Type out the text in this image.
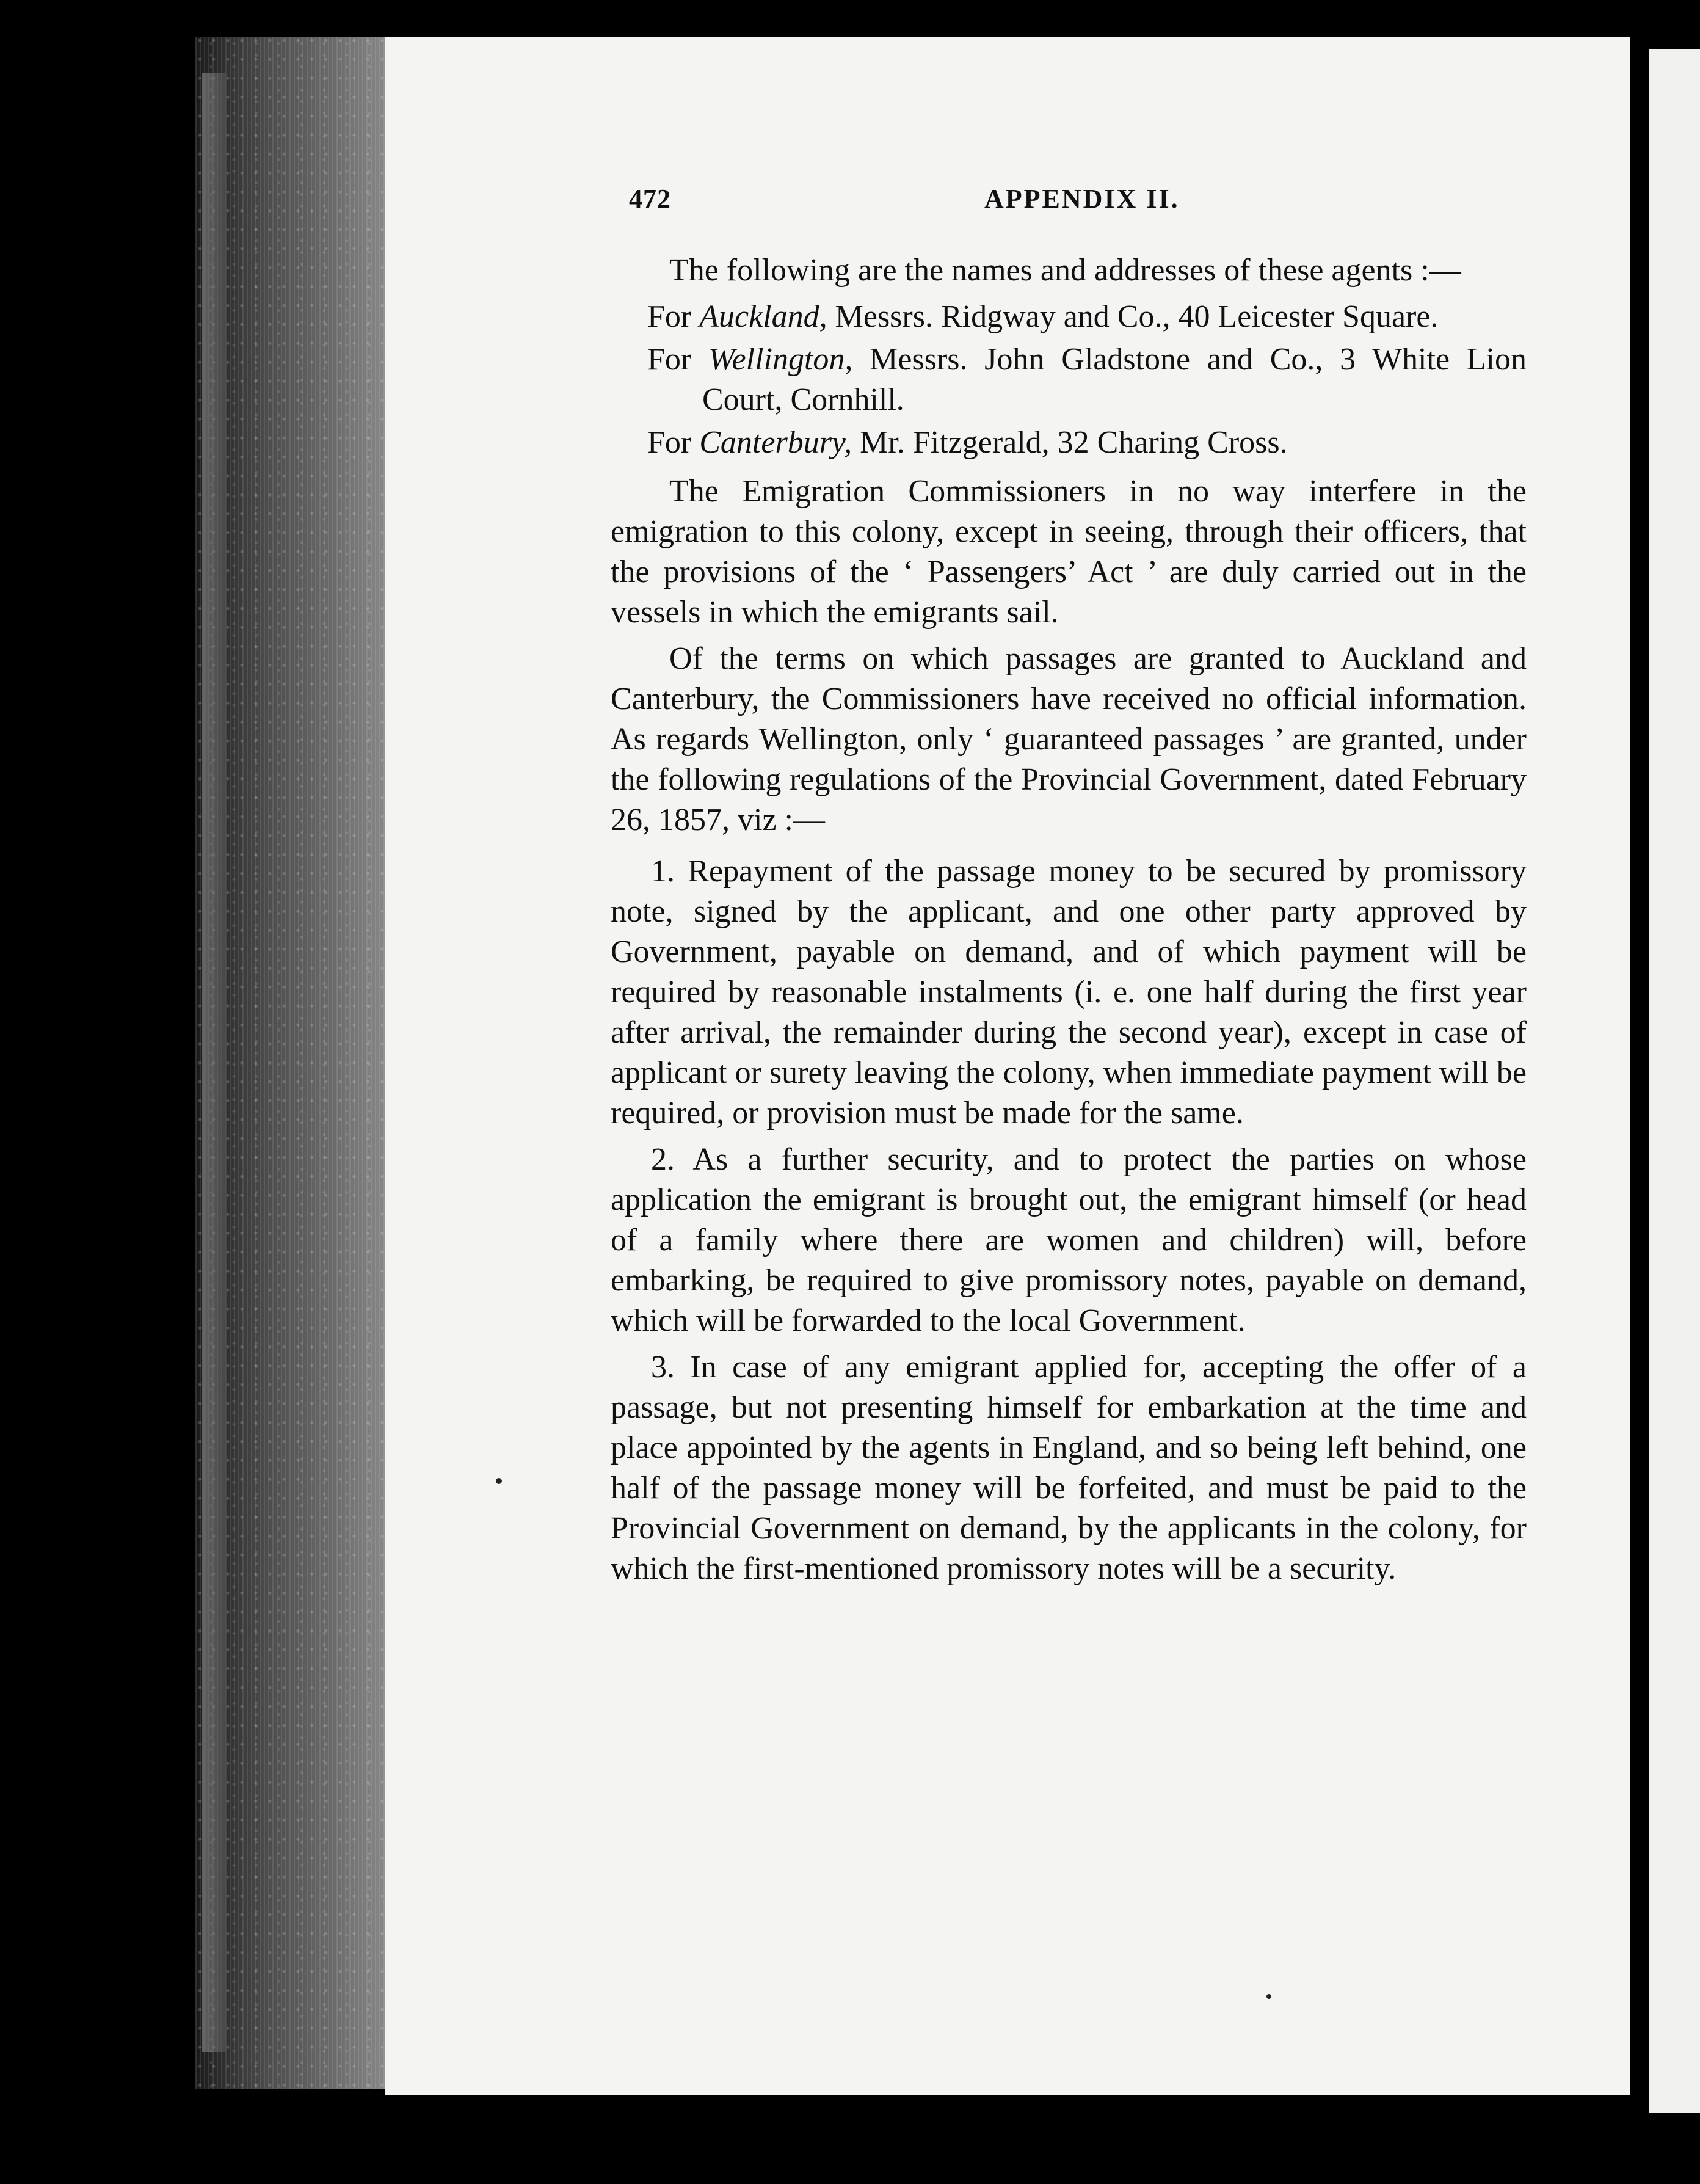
472	APPENDIX II.

The following are the names and addresses of these agents :—

For Auckland, Messrs. Ridgway and Co., 40 Leicester Square.

For Wellington, Messrs. John Gladstone and Co., 3 White Lion Court, Cornhill.

For Canterbury, Mr. Fitzgerald, 32 Charing Cross.

The Emigration Commissioners in no way interfere in the emigration to this colony, except in seeing, through their officers, that the provisions of the ‘ Passengers’ Act ’ are duly carried out in the vessels in which the emigrants sail.

Of the terms on which passages are granted to Auckland and Canterbury, the Commissioners have received no official information. As regards Wellington, only ‘ guaranteed passages ’ are granted, under the following regulations of the Provincial Government, dated February 26, 1857, viz :—

1. Repayment of the passage money to be secured by promissory note, signed by the applicant, and one other party approved by Government, payable on demand, and of which payment will be required by reasonable instalments (i. e. one half during the first year after arrival, the remainder during the second year), except in case of applicant or surety leaving the colony, when immediate payment will be required, or provision must be made for the same.

2. As a further security, and to protect the parties on whose application the emigrant is brought out, the emigrant himself (or head of a family where there are women and children) will, before embarking, be required to give promissory notes, payable on demand, which will be forwarded to the local Government.

3. In case of any emigrant applied for, accepting the offer of a passage, but not presenting himself for embarkation at the time and place appointed by the agents in England, and so being left behind, one half of the passage money will be forfeited, and must be paid to the Provincial Government on demand, by the applicants in the colony, for which the first-mentioned promissory notes will be a security.
